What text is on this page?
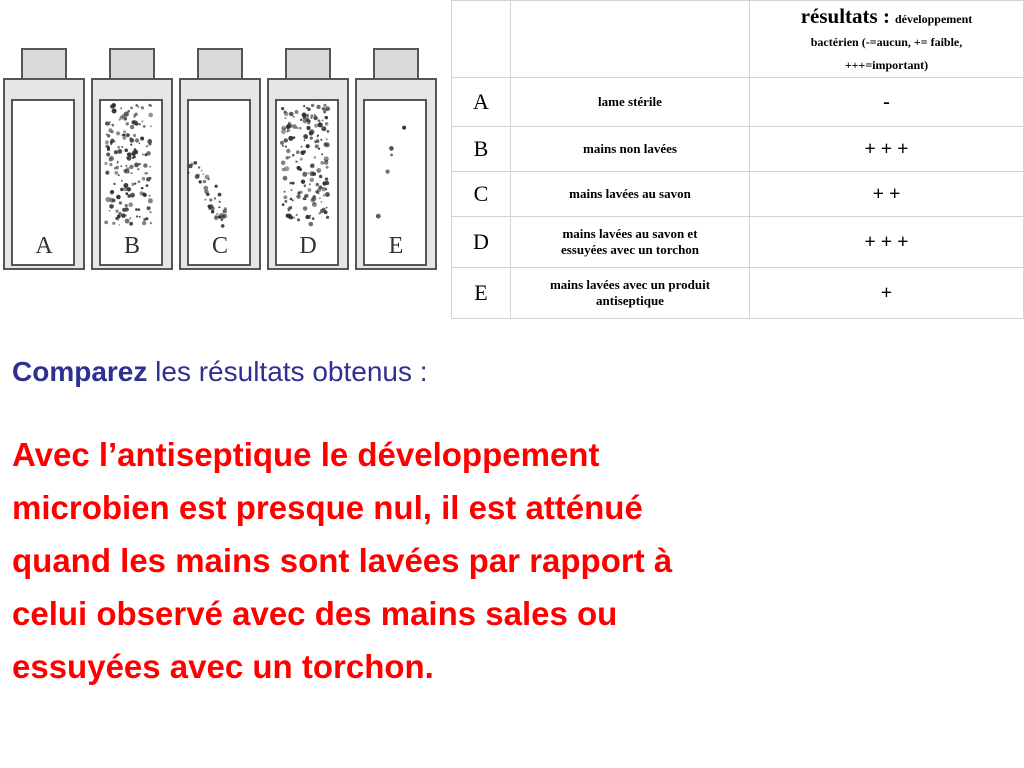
A	B	C	D	E
		résultats : développement
bactérien (-=aucun, += faible,
+++=important)
A	lame stérile	-
B	mains non lavées	+ + +
C	mains lavées au savon	+ +
D	mains lavées au savon et
essuyées avec un torchon	+ + +
E	mains lavées avec un produit
antiseptique	+

Comparez les résultats obtenus :

Avec l’antiseptique le développement
microbien est presque nul, il est atténué
quand les mains sont lavées par rapport à
celui observé avec des mains sales ou
essuyées avec un torchon.
